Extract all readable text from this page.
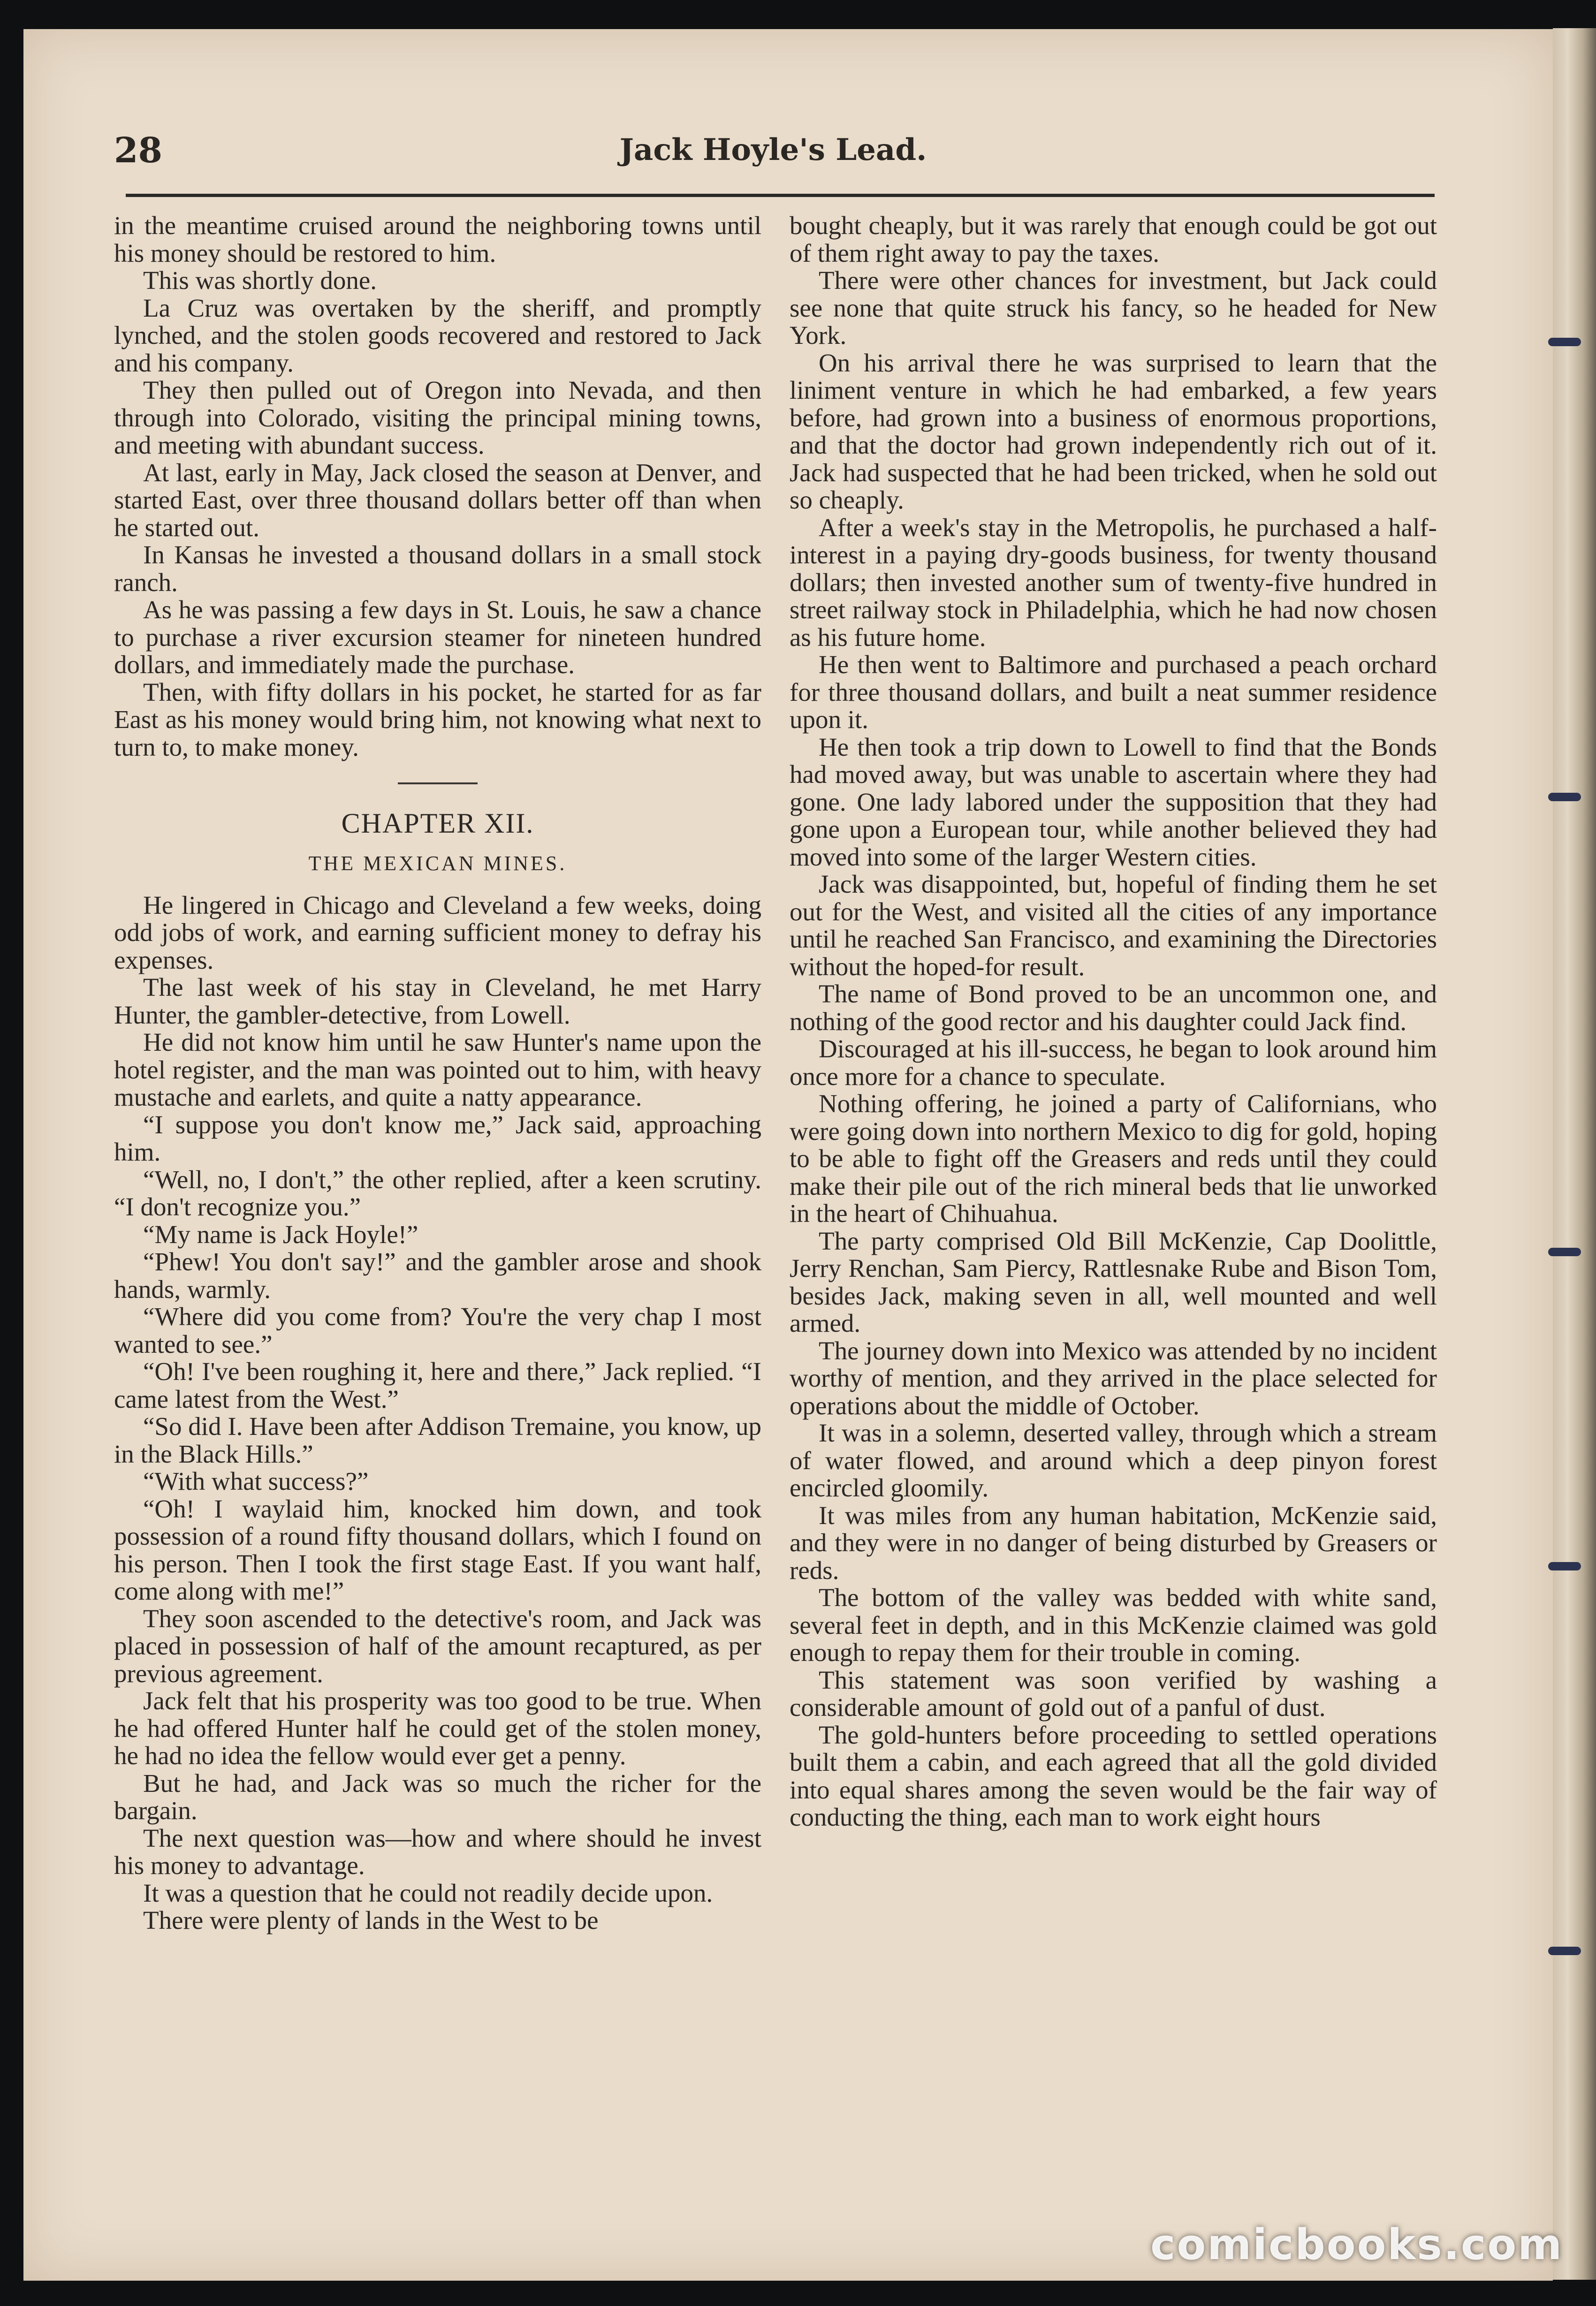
28	Jack Hoyle's Lead.

in the meantime cruised around the neighboring towns until his money should be restored to him.

This was shortly done.

La Cruz was overtaken by the sheriff, and promptly lynched, and the stolen goods recovered and restored to Jack and his company.

They then pulled out of Oregon into Nevada, and then through into Colorado, visiting the principal mining towns, and meeting with abundant success.

At last, early in May, Jack closed the season at Denver, and started East, over three thousand dollars better off than when he started out.

In Kansas he invested a thousand dollars in a small stock ranch.

As he was passing a few days in St. Louis, he saw a chance to purchase a river excursion steamer for nineteen hundred dollars, and immediately made the purchase.

Then, with fifty dollars in his pocket, he started for as far East as his money would bring him, not knowing what next to turn to, to make money.

CHAPTER XII.

THE MEXICAN MINES.

He lingered in Chicago and Cleveland a few weeks, doing odd jobs of work, and earning sufficient money to defray his expenses.

The last week of his stay in Cleveland, he met Harry Hunter, the gambler-detective, from Lowell.

He did not know him until he saw Hunter's name upon the hotel register, and the man was pointed out to him, with heavy mustache and earlets, and quite a natty appearance.

“I suppose you don't know me,” Jack said, approaching him.

“Well, no, I don't,” the other replied, after a keen scrutiny. “I don't recognize you.”

“My name is Jack Hoyle!”

“Phew! You don't say!” and the gambler arose and shook hands, warmly.

“Where did you come from? You're the very chap I most wanted to see.”

“Oh! I've been roughing it, here and there,” Jack replied. “I came latest from the West.”

“So did I. Have been after Addison Tremaine, you know, up in the Black Hills.”

“With what success?”

“Oh! I waylaid him, knocked him down, and took possession of a round fifty thousand dollars, which I found on his person. Then I took the first stage East. If you want half, come along with me!”

They soon ascended to the detective's room, and Jack was placed in possession of half of the amount recaptured, as per previous agreement.

Jack felt that his prosperity was too good to be true. When he had offered Hunter half he could get of the stolen money, he had no idea the fellow would ever get a penny.

But he had, and Jack was so much the richer for the bargain.

The next question was—how and where should he invest his money to advantage.

It was a question that he could not readily decide upon.

There were plenty of lands in the West to be

bought cheaply, but it was rarely that enough could be got out of them right away to pay the taxes.

There were other chances for investment, but Jack could see none that quite struck his fancy, so he headed for New York.

On his arrival there he was surprised to learn that the liniment venture in which he had embarked, a few years before, had grown into a business of enormous proportions, and that the doctor had grown independently rich out of it. Jack had suspected that he had been tricked, when he sold out so cheaply.

After a week's stay in the Metropolis, he purchased a half-interest in a paying dry-goods business, for twenty thousand dollars; then invested another sum of twenty-five hundred in street railway stock in Philadelphia, which he had now chosen as his future home.

He then went to Baltimore and purchased a peach orchard for three thousand dollars, and built a neat summer residence upon it.

He then took a trip down to Lowell to find that the Bonds had moved away, but was unable to ascertain where they had gone. One lady labored under the supposition that they had gone upon a European tour, while another believed they had moved into some of the larger Western cities.

Jack was disappointed, but, hopeful of finding them he set out for the West, and visited all the cities of any importance until he reached San Francisco, and examining the Directories without the hoped-for result.

The name of Bond proved to be an uncommon one, and nothing of the good rector and his daughter could Jack find.

Discouraged at his ill-success, he began to look around him once more for a chance to speculate.

Nothing offering, he joined a party of Californians, who were going down into northern Mexico to dig for gold, hoping to be able to fight off the Greasers and reds until they could make their pile out of the rich mineral beds that lie unworked in the heart of Chihuahua.

The party comprised Old Bill McKenzie, Cap Doolittle, Jerry Renchan, Sam Piercy, Rattlesnake Rube and Bison Tom, besides Jack, making seven in all, well mounted and well armed.

The journey down into Mexico was attended by no incident worthy of mention, and they arrived in the place selected for operations about the middle of October.

It was in a solemn, deserted valley, through which a stream of water flowed, and around which a deep pinyon forest encircled gloomily.

It was miles from any human habitation, McKenzie said, and they were in no danger of being disturbed by Greasers or reds.

The bottom of the valley was bedded with white sand, several feet in depth, and in this McKenzie claimed was gold enough to repay them for their trouble in coming.

This statement was soon verified by washing a considerable amount of gold out of a panful of dust.

The gold-hunters before proceeding to settled operations built them a cabin, and each agreed that all the gold divided into equal shares among the seven would be the fair way of conducting the thing, each man to work eight hours

comicbooks.com
